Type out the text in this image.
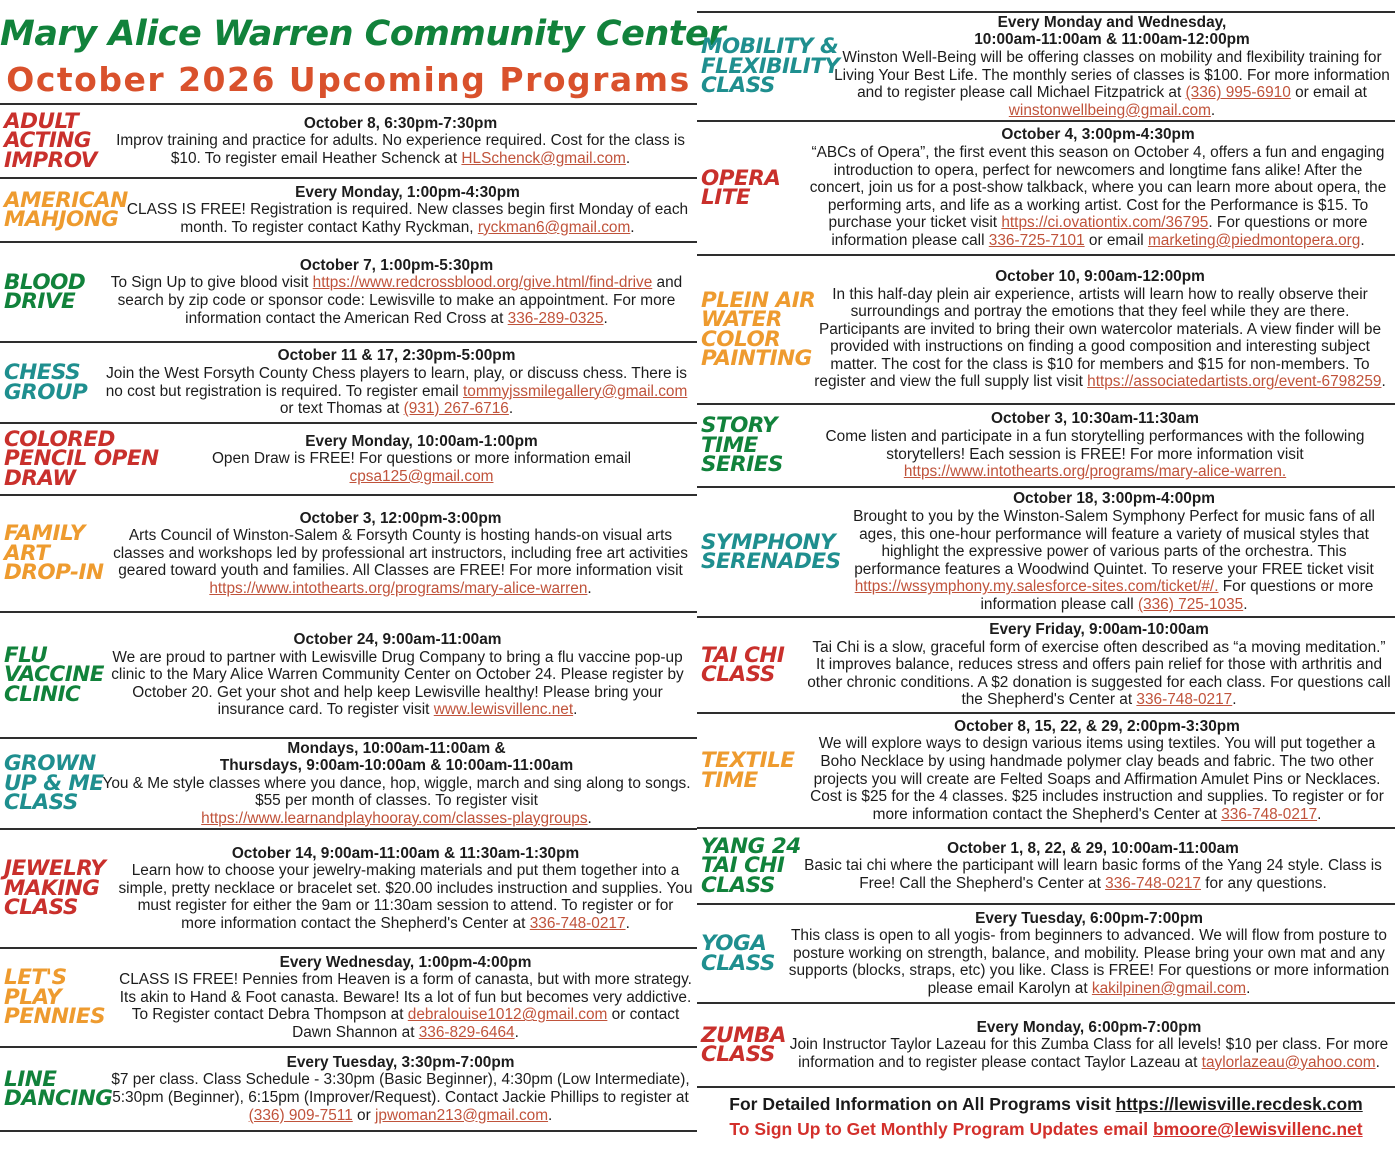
Mary Alice Warren Community Center
October 2026 Upcoming Programs
ADULT
ACTING
IMPROV
October 8, 6:30pm-7:30pm
Improv training and practice for adults. No experience required. Cost for the class is $10. To register email Heather Schenck at HLSchenck@gmail.com.
AMERICAN
MAHJONG
Every Monday, 1:00pm-4:30pm
CLASS IS FREE! Registration is required. New classes begin first Monday of each month. To register contact Kathy Ryckman, ryckman6@gmail.com.
BLOOD
DRIVE
October 7, 1:00pm-5:30pm
To Sign Up to give blood visit https://www.redcrossblood.org/give.html/find-drive and search by zip code or sponsor code: Lewisville to make an appointment. For more information contact the American Red Cross at 336-289-0325.
CHESS
GROUP
October 11 & 17, 2:30pm-5:00pm
Join the West Forsyth County Chess players to learn, play, or discuss chess. There is no cost but registration is required. To register email tommyjssmilegallery@gmail.com or text Thomas at (931) 267-6716.
COLORED
PENCIL OPEN
DRAW
Every Monday, 10:00am-1:00pm
Open Draw is FREE! For questions or more information email cpsa125@gmail.com
FAMILY
ART
DROP-IN
October 3, 12:00pm-3:00pm
Arts Council of Winston-Salem & Forsyth County is hosting hands-on visual arts classes and workshops led by professional art instructors, including free art activities geared toward youth and families. All Classes are FREE! For more information visit https://www.intothearts.org/programs/mary-alice-warren.
FLU
VACCINE
CLINIC
October 24, 9:00am-11:00am
We are proud to partner with Lewisville Drug Company to bring a flu vaccine pop-up clinic to the Mary Alice Warren Community Center on October 24. Please register by October 20. Get your shot and help keep Lewisville healthy! Please bring your insurance card. To register visit www.lewisvillenc.net.
GROWN
UP & ME
CLASS
Mondays, 10:00am-11:00am &
Thursdays, 9:00am-10:00am & 10:00am-11:00am
You & Me style classes where you dance, hop, wiggle, march and sing along to songs. $55 per month of classes. To register visit https://www.learnandplayhooray.com/classes-playgroups.
JEWELRY
MAKING
CLASS
October 14, 9:00am-11:00am & 11:30am-1:30pm
Learn how to choose your jewelry-making materials and put them together into a simple, pretty necklace or bracelet set. $20.00 includes instruction and supplies. You must register for either the 9am or 11:30am session to attend. To register or for more information contact the Shepherd's Center at 336-748-0217.
LET'S
PLAY
PENNIES
Every Wednesday, 1:00pm-4:00pm
CLASS IS FREE! Pennies from Heaven is a form of canasta, but with more strategy. Its akin to Hand & Foot canasta. Beware! Its a lot of fun but becomes very addictive. To Register contact Debra Thompson at debralouise1012@gmail.com or contact Dawn Shannon at 336-829-6464.
LINE
DANCING
Every Tuesday, 3:30pm-7:00pm
$7 per class. Class Schedule - 3:30pm (Basic Beginner), 4:30pm (Low Intermediate), 5:30pm (Beginner), 6:15pm (Improver/Request). Contact Jackie Phillips to register at (336) 909-7511 or jpwoman213@gmail.com.
MOBILITY &
FLEXIBILITY
CLASS
Every Monday and Wednesday,
10:00am-11:00am & 11:00am-12:00pm
Winston Well-Being will be offering classes on mobility and flexibility training for Living Your Best Life. The monthly series of classes is $100. For more information and to register please call Michael Fitzpatrick at (336) 995-6910 or email at winstonwellbeing@gmail.com.
OPERA
LITE
October 4, 3:00pm-4:30pm
“ABCs of Opera”, the first event this season on October 4, offers a fun and engaging introduction to opera, perfect for newcomers and longtime fans alike! After the concert, join us for a post-show talkback, where you can learn more about opera, the performing arts, and life as a working artist. Cost for the Performance is $15. To purchase your ticket visit https://ci.ovationtix.com/36795. For questions or more information please call 336-725-7101 or email marketing@piedmontopera.org.
PLEIN AIR
WATER
COLOR
PAINTING
October 10, 9:00am-12:00pm
In this half-day plein air experience, artists will learn how to really observe their surroundings and portray the emotions that they feel while they are there. Participants are invited to bring their own watercolor materials. A view finder will be provided with instructions on finding a good composition and interesting subject matter. The cost for the class is $10 for members and $15 for non-members. To register and view the full supply list visit https://associatedartists.org/event-6798259.
STORY
TIME
SERIES
October 3, 10:30am-11:30am
Come listen and participate in a fun storytelling performances with the following storytellers! Each session is FREE! For more information visit https://www.intothearts.org/programs/mary-alice-warren.
SYMPHONY
SERENADES
October 18, 3:00pm-4:00pm
Brought to you by the Winston-Salem Symphony Perfect for music fans of all ages, this one-hour performance will feature a variety of musical styles that highlight the expressive power of various parts of the orchestra. This performance features a Woodwind Quintet. To reserve your FREE ticket visit https://wssymphony.my.salesforce-sites.com/ticket/#/. For questions or more information please call (336) 725-1035.
TAI CHI
CLASS
Every Friday, 9:00am-10:00am
Tai Chi is a slow, graceful form of exercise often described as “a moving meditation.” It improves balance, reduces stress and offers pain relief for those with arthritis and other chronic conditions. A $2 donation is suggested for each class. For questions call the Shepherd's Center at 336-748-0217.
TEXTILE
TIME
October 8, 15, 22, & 29, 2:00pm-3:30pm
We will explore ways to design various items using textiles. You will put together a Boho Necklace by using handmade polymer clay beads and fabric. The two other projects you will create are Felted Soaps and Affirmation Amulet Pins or Necklaces. Cost is $25 for the 4 classes. $25 includes instruction and supplies. To register or for more information contact the Shepherd's Center at 336-748-0217.
YANG 24
TAI CHI
CLASS
October 1, 8, 22, & 29, 10:00am-11:00am
Basic tai chi where the participant will learn basic forms of the Yang 24 style. Class is Free! Call the Shepherd's Center at 336-748-0217 for any questions.
YOGA
CLASS
Every Tuesday, 6:00pm-7:00pm
This class is open to all yogis- from beginners to advanced. We will flow from posture to posture working on strength, balance, and mobility. Please bring your own mat and any supports (blocks, straps, etc) you like. Class is FREE! For questions or more information please email Karolyn at kakilpinen@gmail.com.
ZUMBA
CLASS
Every Monday, 6:00pm-7:00pm
Join Instructor Taylor Lazeau for this Zumba Class for all levels! $10 per class. For more information and to register please contact Taylor Lazeau at taylorlazeau@yahoo.com.
For Detailed Information on All Programs visit https://lewisville.recdesk.com
To Sign Up to Get Monthly Program Updates email bmoore@lewisvillenc.net
